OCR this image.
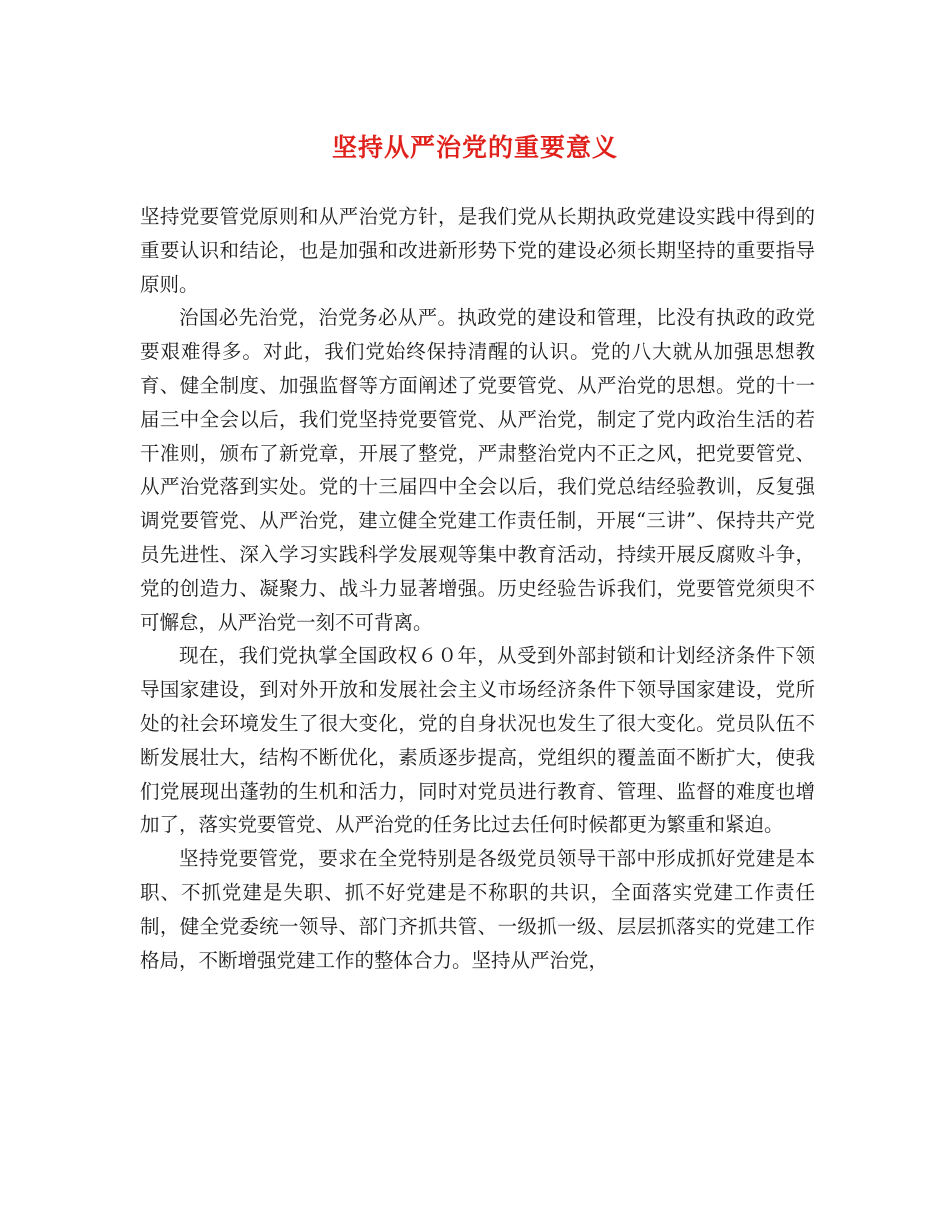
坚持从严治党的重要意义

坚持党要管党原则和从严治党方针，是我们党从长期执政党建设实践中得到的重要认识和结论，也是加强和改进新形势下党的建设必须长期坚持的重要指导原则。

治国必先治党，治党务必从严。执政党的建设和管理，比没有执政的政党要艰难得多。对此，我们党始终保持清醒的认识。党的八大就从加强思想教育、健全制度、加强监督等方面阐述了党要管党、从严治党的思想。党的十一届三中全会以后，我们党坚持党要管党、从严治党，制定了党内政治生活的若干准则，颁布了新党章，开展了整党，严肃整治党内不正之风，把党要管党、从严治党落到实处。党的十三届四中全会以后，我们党总结经验教训，反复强调党要管党、从严治党，建立健全党建工作责任制，开展“三讲”、保持共产党员先进性、深入学习实践科学发展观等集中教育活动，持续开展反腐败斗争，党的创造力、凝聚力、战斗力显著增强。历史经验告诉我们，党要管党须臾不可懈怠，从严治党一刻不可背离。

现在，我们党执掌全国政权６０年，从受到外部封锁和计划经济条件下领导国家建设，到对外开放和发展社会主义市场经济条件下领导国家建设，党所处的社会环境发生了很大变化，党的自身状况也发生了很大变化。党员队伍不断发展壮大，结构不断优化，素质逐步提高，党组织的覆盖面不断扩大，使我们党展现出蓬勃的生机和活力，同时对党员进行教育、管理、监督的难度也增加了，落实党要管党、从严治党的任务比过去任何时候都更为繁重和紧迫。

坚持党要管党，要求在全党特别是各级党员领导干部中形成抓好党建是本职、不抓党建是失职、抓不好党建是不称职的共识，全面落实党建工作责任制，健全党委统一领导、部门齐抓共管、一级抓一级、层层抓落实的党建工作格局，不断增强党建工作的整体合力。坚持从严治党，
